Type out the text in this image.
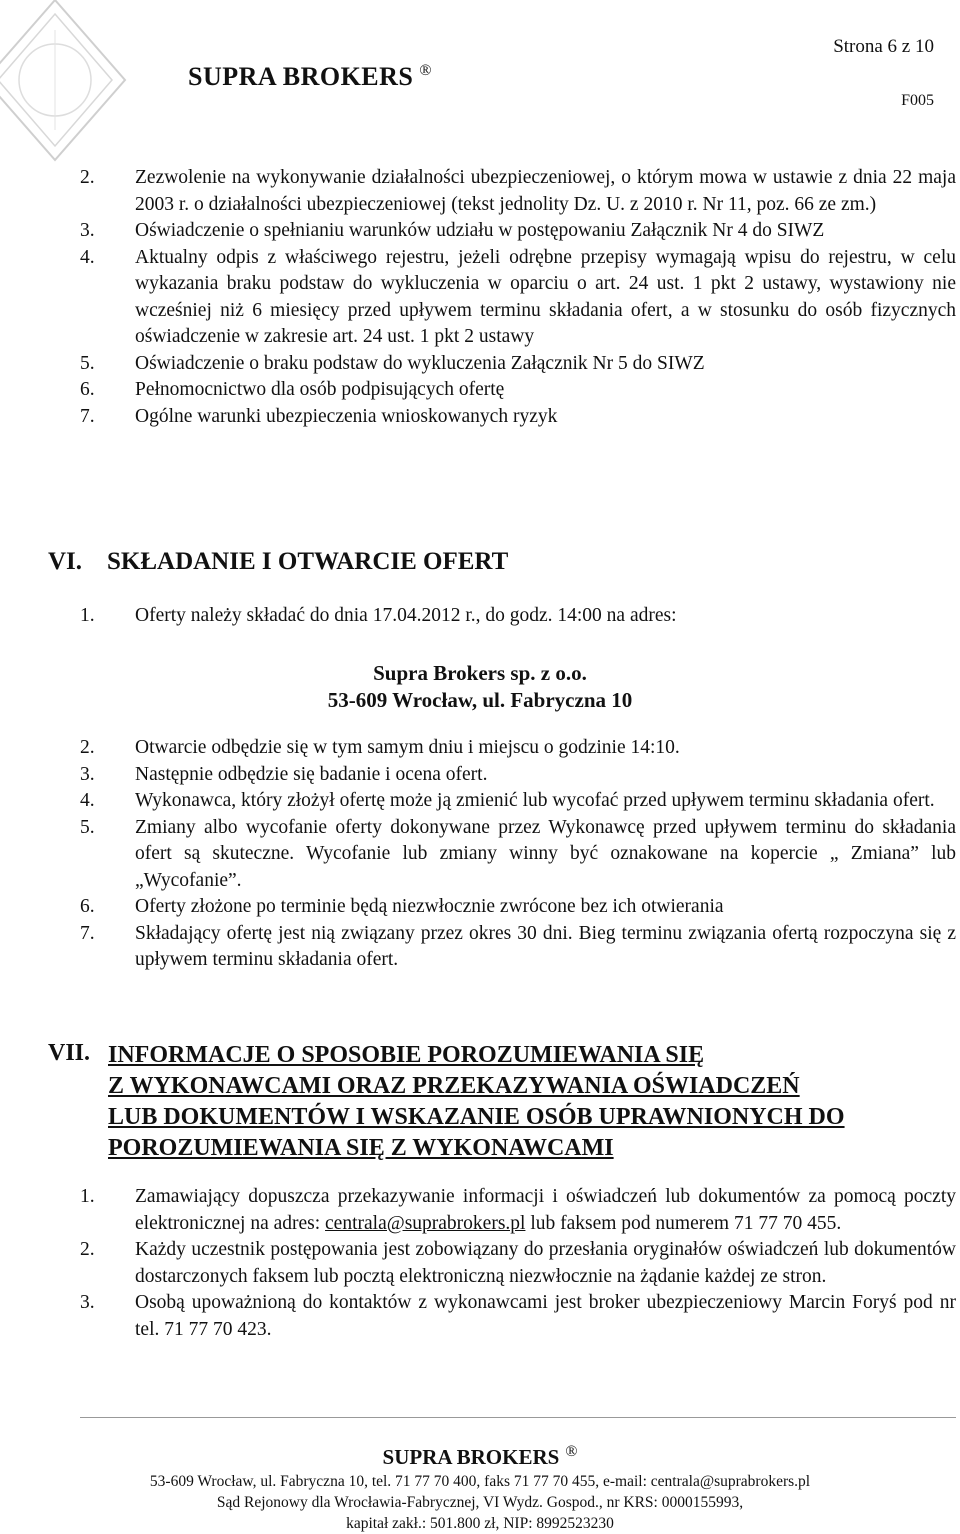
Strona 6 z 10
SUPRA BROKERS ®
F005
2. Zezwolenie na wykonywanie działalności ubezpieczeniowej, o którym mowa w ustawie z dnia 22 maja 2003 r. o działalności ubezpieczeniowej (tekst jednolity Dz. U. z 2010 r. Nr 11, poz. 66 ze zm.)
3. Oświadczenie o spełnianiu warunków udziału w postępowaniu Załącznik Nr 4 do SIWZ
4. Aktualny odpis z właściwego rejestru, jeżeli odrębne przepisy wymagają wpisu do rejestru, w celu wykazania braku podstaw do wykluczenia w oparciu o art. 24 ust. 1 pkt 2 ustawy, wystawiony nie wcześniej niż 6 miesięcy przed upływem terminu składania ofert, a w stosunku do osób fizycznych oświadczenie w zakresie art. 24 ust. 1 pkt 2 ustawy
5. Oświadczenie o braku podstaw do wykluczenia Załącznik Nr 5 do SIWZ
6. Pełnomocnictwo dla osób podpisujących ofertę
7. Ogólne warunki ubezpieczenia wnioskowanych ryzyk
VI. SKŁADANIE I OTWARCIE OFERT
1. Oferty należy składać do dnia 17.04.2012 r., do godz. 14:00 na adres:
Supra Brokers sp. z o.o.
53-609 Wrocław, ul. Fabryczna 10
2. Otwarcie odbędzie się w tym samym dniu i miejscu o godzinie 14:10.
3. Następnie odbędzie się badanie i ocena ofert.
4. Wykonawca, który złożył ofertę może ją zmienić lub wycofać przed upływem terminu składania ofert.
5. Zmiany albo wycofanie oferty dokonywane przez Wykonawcę przed upływem terminu do składania ofert są skuteczne. Wycofanie lub zmiany winny być oznakowane na kopercie „ Zmiana” lub „Wycofanie”.
6. Oferty złożone po terminie będą niezwłocznie zwrócone bez ich otwierania
7. Składający ofertę jest nią związany przez okres 30 dni. Bieg terminu związania ofertą rozpoczyna się z upływem terminu składania ofert.
VII. INFORMACJE O SPOSOBIE POROZUMIEWANIA SIĘ
Z WYKONAWCAMI ORAZ PRZEKAZYWANIA OŚWIADCZEŃ
LUB DOKUMENTÓW I WSKAZANIE OSÓB UPRAWNIONYCH DO
POROZUMIEWANIA SIĘ Z WYKONAWCAMI
1. Zamawiający dopuszcza przekazywanie informacji i oświadczeń lub dokumentów za pomocą poczty elektronicznej na adres: centrala@suprabrokers.pl lub faksem pod numerem 71 77 70 455.
2. Każdy uczestnik postępowania jest zobowiązany do przesłania oryginałów oświadczeń lub dokumentów dostarczonych faksem lub pocztą elektroniczną niezwłocznie na żądanie każdej ze stron.
3. Osobą upoważnioną do kontaktów z wykonawcami jest broker ubezpieczeniowy Marcin Foryś pod nr tel. 71 77 70 423.
SUPRA BROKERS ®
53-609 Wrocław, ul. Fabryczna 10, tel. 71 77 70 400, faks 71 77 70 455, e-mail: centrala@suprabrokers.pl
Sąd Rejonowy dla Wrocławia-Fabrycznej, VI Wydz. Gospod., nr KRS: 0000155993,
kapitał zakł.: 501.800 zł, NIP: 8992523230
